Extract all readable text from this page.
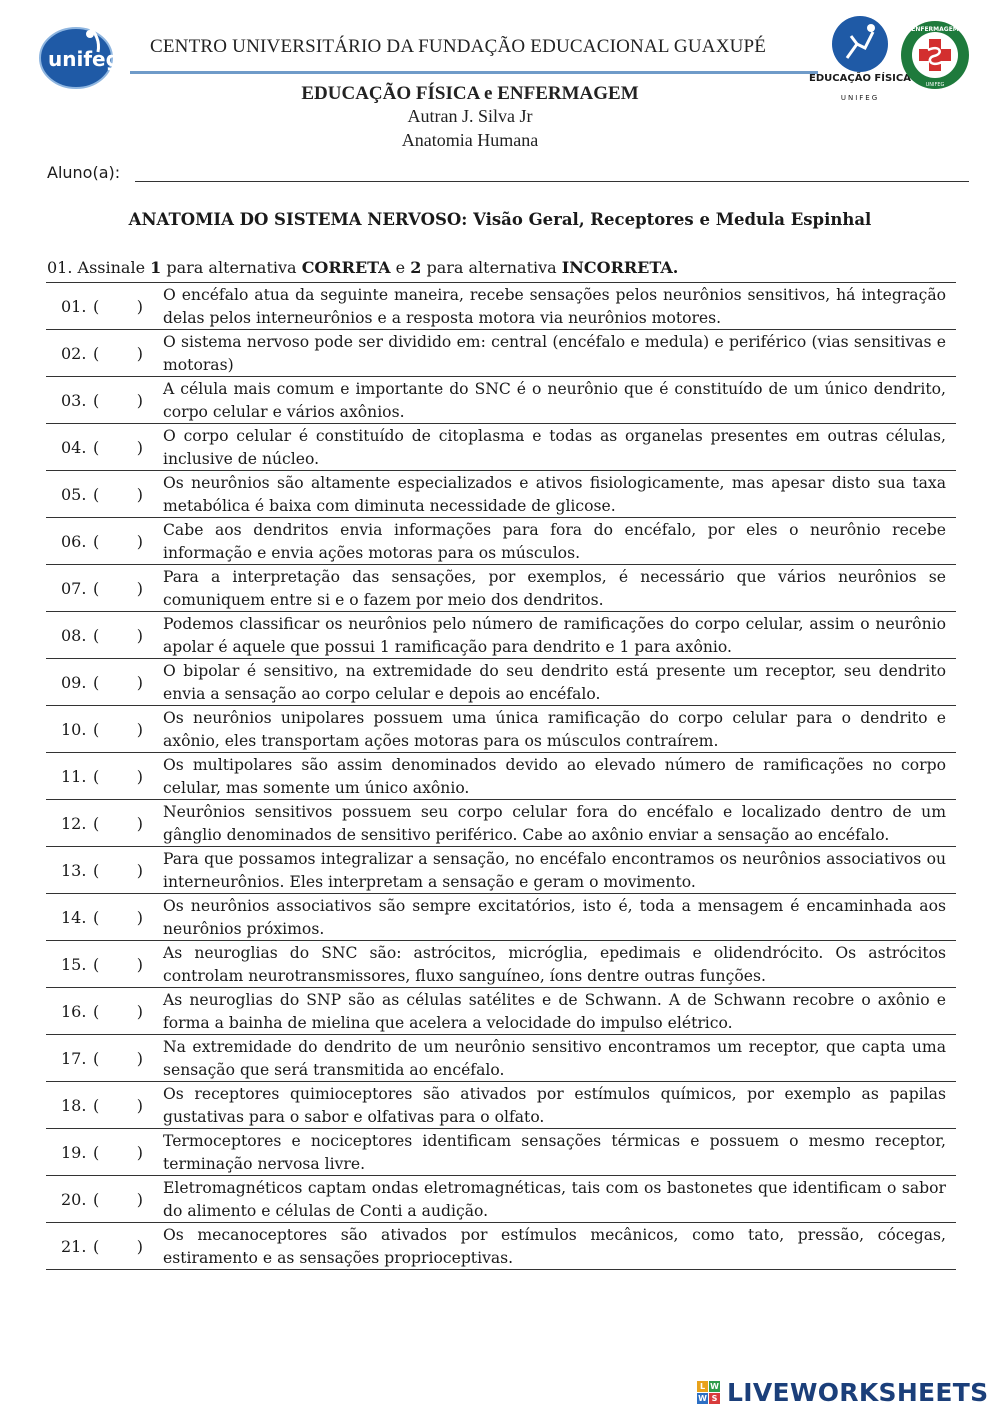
unifeg
CENTRO UNIVERSITÁRIO DA FUNDAÇÃO EDUCACIONAL GUAXUPÉ
EDUCAÇÃO FÍSICA e ENFERMAGEM
Autran J. Silva Jr
Anatomia Humana
EDUCAÇÃO FÍSICA
UNIFEG
ENFERMAGEM
UNIFEG
Aluno(a):
ANATOMIA DO SISTEMA NERVOSO: Visão Geral, Receptores e Medula Espinhal
01. Assinale 1 para alternativa CORRETA e 2 para alternativa INCORRETA.
01. ( )
O encéfalo atua da seguinte maneira, recebe sensações pelos neurônios sensitivos, há integração delas pelos interneurônios e a resposta motora via neurônios motores.
02. ( )
O sistema nervoso pode ser dividido em: central (encéfalo e medula) e periférico (vias sensitivas e motoras)
03. ( )
A célula mais comum e importante do SNC é o neurônio que é constituído de um único dendrito, corpo celular e vários axônios.
04. ( )
O corpo celular é constituído de citoplasma e todas as organelas presentes em outras células, inclusive de núcleo.
05. ( )
Os neurônios são altamente especializados e ativos fisiologicamente, mas apesar disto sua taxa metabólica é baixa com diminuta necessidade de glicose.
06. ( )
Cabe aos dendritos envia informações para fora do encéfalo, por eles o neurônio recebe informação e envia ações motoras para os músculos.
07. ( )
Para a interpretação das sensações, por exemplos, é necessário que vários neurônios se comuniquem entre si e o fazem por meio dos dendritos.
08. ( )
Podemos classificar os neurônios pelo número de ramificações do corpo celular, assim o neurônio apolar é aquele que possui 1 ramificação para dendrito e 1 para axônio.
09. ( )
O bipolar é sensitivo, na extremidade do seu dendrito está presente um receptor, seu dendrito envia a sensação ao corpo celular e depois ao encéfalo.
10. ( )
Os neurônios unipolares possuem uma única ramificação do corpo celular para o dendrito e axônio, eles transportam ações motoras para os músculos contraírem.
11. ( )
Os multipolares são assim denominados devido ao elevado número de ramificações no corpo celular, mas somente um único axônio.
12. ( )
Neurônios sensitivos possuem seu corpo celular fora do encéfalo e localizado dentro de um gânglio denominados de sensitivo periférico. Cabe ao axônio enviar a sensação ao encéfalo.
13. ( )
Para que possamos integralizar a sensação, no encéfalo encontramos os neurônios associativos ou interneurônios. Eles interpretam a sensação e geram o movimento.
14. ( )
Os neurônios associativos são sempre excitatórios, isto é, toda a mensagem é encaminhada aos neurônios próximos.
15. ( )
As neuroglias do SNC são: astrócitos, micróglia, epedimais e olidendrócito. Os astrócitos controlam neurotransmissores, fluxo sanguíneo, íons dentre outras funções.
16. ( )
As neuroglias do SNP são as células satélites e de Schwann. A de Schwann recobre o axônio e forma a bainha de mielina que acelera a velocidade do impulso elétrico.
17. ( )
Na extremidade do dendrito de um neurônio sensitivo encontramos um receptor, que capta uma sensação que será transmitida ao encéfalo.
18. ( )
Os receptores quimioceptores são ativados por estímulos químicos, por exemplo as papilas gustativas para o sabor e olfativas para o olfato.
19. ( )
Termoceptores e nociceptores identificam sensações térmicas e possuem o mesmo receptor, terminação nervosa livre.
20. ( )
Eletromagnéticos captam ondas eletromagnéticas, tais com os bastonetes que identificam o sabor do alimento e células de Conti a audição.
21. ( )
Os mecanoceptores são ativados por estímulos mecânicos, como tato, pressão, cócegas, estiramento e as sensações proprioceptivas.
L W
W S LIVEWORKSHEETS
